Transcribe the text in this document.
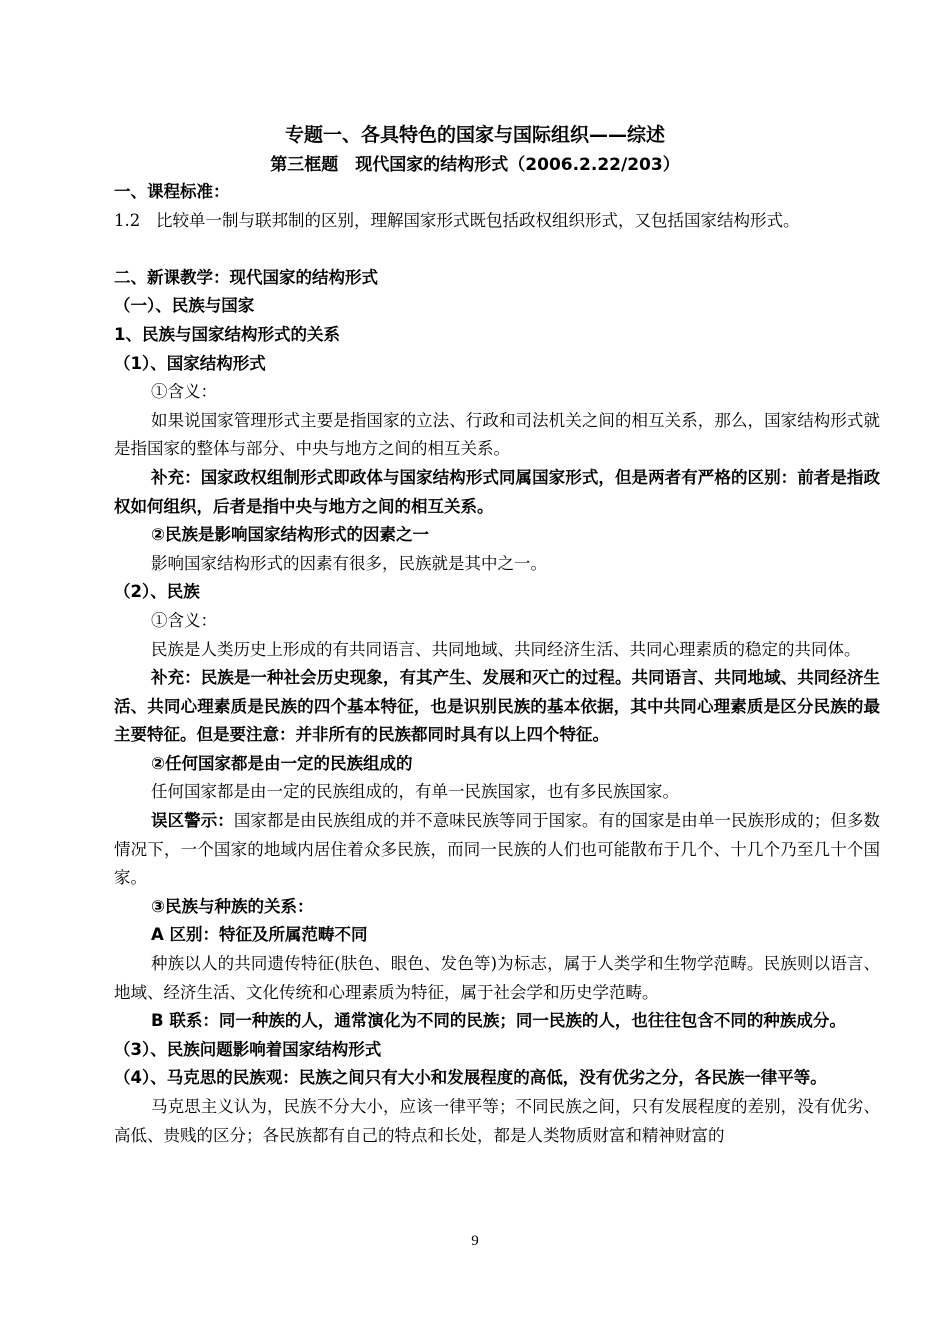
专题一、各具特色的国家与国际组织——综述
第三框题　现代国家的结构形式（2006.2.22/203）

一、课程标准：

1.2 比较单一制与联邦制的区别，理解国家形式既包括政权组织形式，又包括国家结构形式。

二、新课教学：现代国家的结构形式

（一）、民族与国家

1、民族与国家结构形式的关系

（1）、国家结构形式

①含义：

如果说国家管理形式主要是指国家的立法、行政和司法机关之间的相互关系，那么，国家结构形式就是指国家的整体与部分、中央与地方之间的相互关系。

补充：国家政权组制形式即政体与国家结构形式同属国家形式，但是两者有严格的区别：前者是指政权如何组织，后者是指中央与地方之间的相互关系。

②民族是影响国家结构形式的因素之一

影响国家结构形式的因素有很多，民族就是其中之一。

（2）、民族

①含义：

民族是人类历史上形成的有共同语言、共同地域、共同经济生活、共同心理素质的稳定的共同体。

补充：民族是一种社会历史现象，有其产生、发展和灭亡的过程。共同语言、共同地域、共同经济生活、共同心理素质是民族的四个基本特征，也是识别民族的基本依据，其中共同心理素质是区分民族的最主要特征。但是要注意：并非所有的民族都同时具有以上四个特征。

②任何国家都是由一定的民族组成的

任何国家都是由一定的民族组成的，有单一民族国家，也有多民族国家。

误区警示：国家都是由民族组成的并不意味民族等同于国家。有的国家是由单一民族形成的；但多数情况下，一个国家的地域内居住着众多民族，而同一民族的人们也可能散布于几个、十几个乃至几十个国家。

③民族与种族的关系：

A 区别：特征及所属范畴不同

种族以人的共同遗传特征(肤色、眼色、发色等)为标志，属于人类学和生物学范畴。民族则以语言、地域、经济生活、文化传统和心理素质为特征，属于社会学和历史学范畴。

B 联系：同一种族的人，通常演化为不同的民族；同一民族的人，也往往包含不同的种族成分。

（3）、民族问题影响着国家结构形式

（4）、马克思的民族观：民族之间只有大小和发展程度的高低，没有优劣之分，各民族一律平等。

马克思主义认为，民族不分大小，应该一律平等；不同民族之间，只有发展程度的差别，没有优劣、高低、贵贱的区分；各民族都有自己的特点和长处，都是人类物质财富和精神财富的

9
